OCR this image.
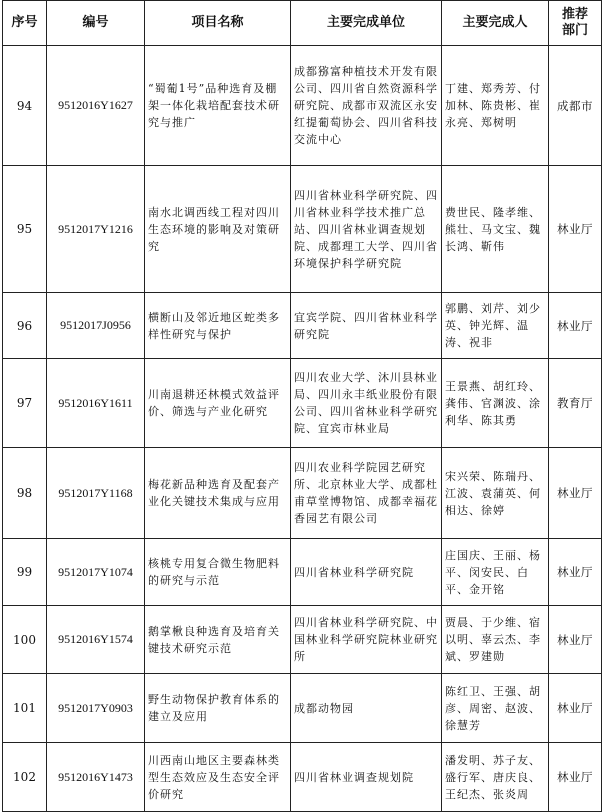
序号	编号	项目名称	主要完成单位	主要完成人	推荐部门
94	9512016Y1627	“蜀葡1号”品种选育及棚架一体化栽培配套技术研究与推广	成都猕富种植技术开发有限公司、四川省自然资源科学研究院、成都市双流区永安红提葡萄协会、四川省科技交流中心	丁建、郑秀芳、付加林、陈贵彬、崔永亮、郑树明	成都市
95	9512017Y1216	南水北调西线工程对四川生态环境的影响及对策研究	四川省林业科学研究院、四川省林业科学技术推广总站、四川省林业调查规划院、成都理工大学、四川省环境保护科学研究院	费世民、隆孝维、熊壮、马文宝、魏长鸿、靳伟	林业厅
96	9512017J0956	横断山及邻近地区蛇类多样性研究与保护	宜宾学院、四川省林业科学研究院	郭鹏、刘芹、刘少英、钟光辉、温涛、祝非	林业厅
97	9512016Y1611	川南退耕还林模式效益评价、筛选与产业化研究	四川农业大学、沐川县林业局、四川永丰纸业股份有限公司、四川省林业科学研究院、宜宾市林业局	王景燕、胡红玲、龚伟、官渊波、涂利华、陈其勇	教育厅
98	9512017Y1168	梅花新品种选育及配套产业化关键技术集成与应用	四川农业科学院园艺研究所、北京林业大学、成都杜甫草堂博物馆、成都幸福花香园艺有限公司	宋兴荣、陈瑞丹、江波、袁蒲英、何相达、徐婷	林业厅
99	9512017Y1074	核桃专用复合微生物肥料的研究与示范	四川省林业科学研究院	庄国庆、王丽、杨平、闵安民、白平、金开铭	林业厅
100	9512016Y1574	鹅掌楸良种选育及培育关键技术研究示范	四川省林业科学研究院、中国林业科学研究院林业研究所	贾晨、于少维、宿以明、辜云杰、李斌、罗建勋	林业厅
101	9512017Y0903	野生动物保护教育体系的建立及应用	成都动物园	陈红卫、王强、胡彦、周密、赵波、徐慧芳	林业厅
102	9512016Y1473	川西南山地区主要森林类型生态效应及生态安全评价研究	四川省林业调查规划院	潘发明、苏子友、盛行军、唐庆良、王纪杰、张炎周	林业厅
